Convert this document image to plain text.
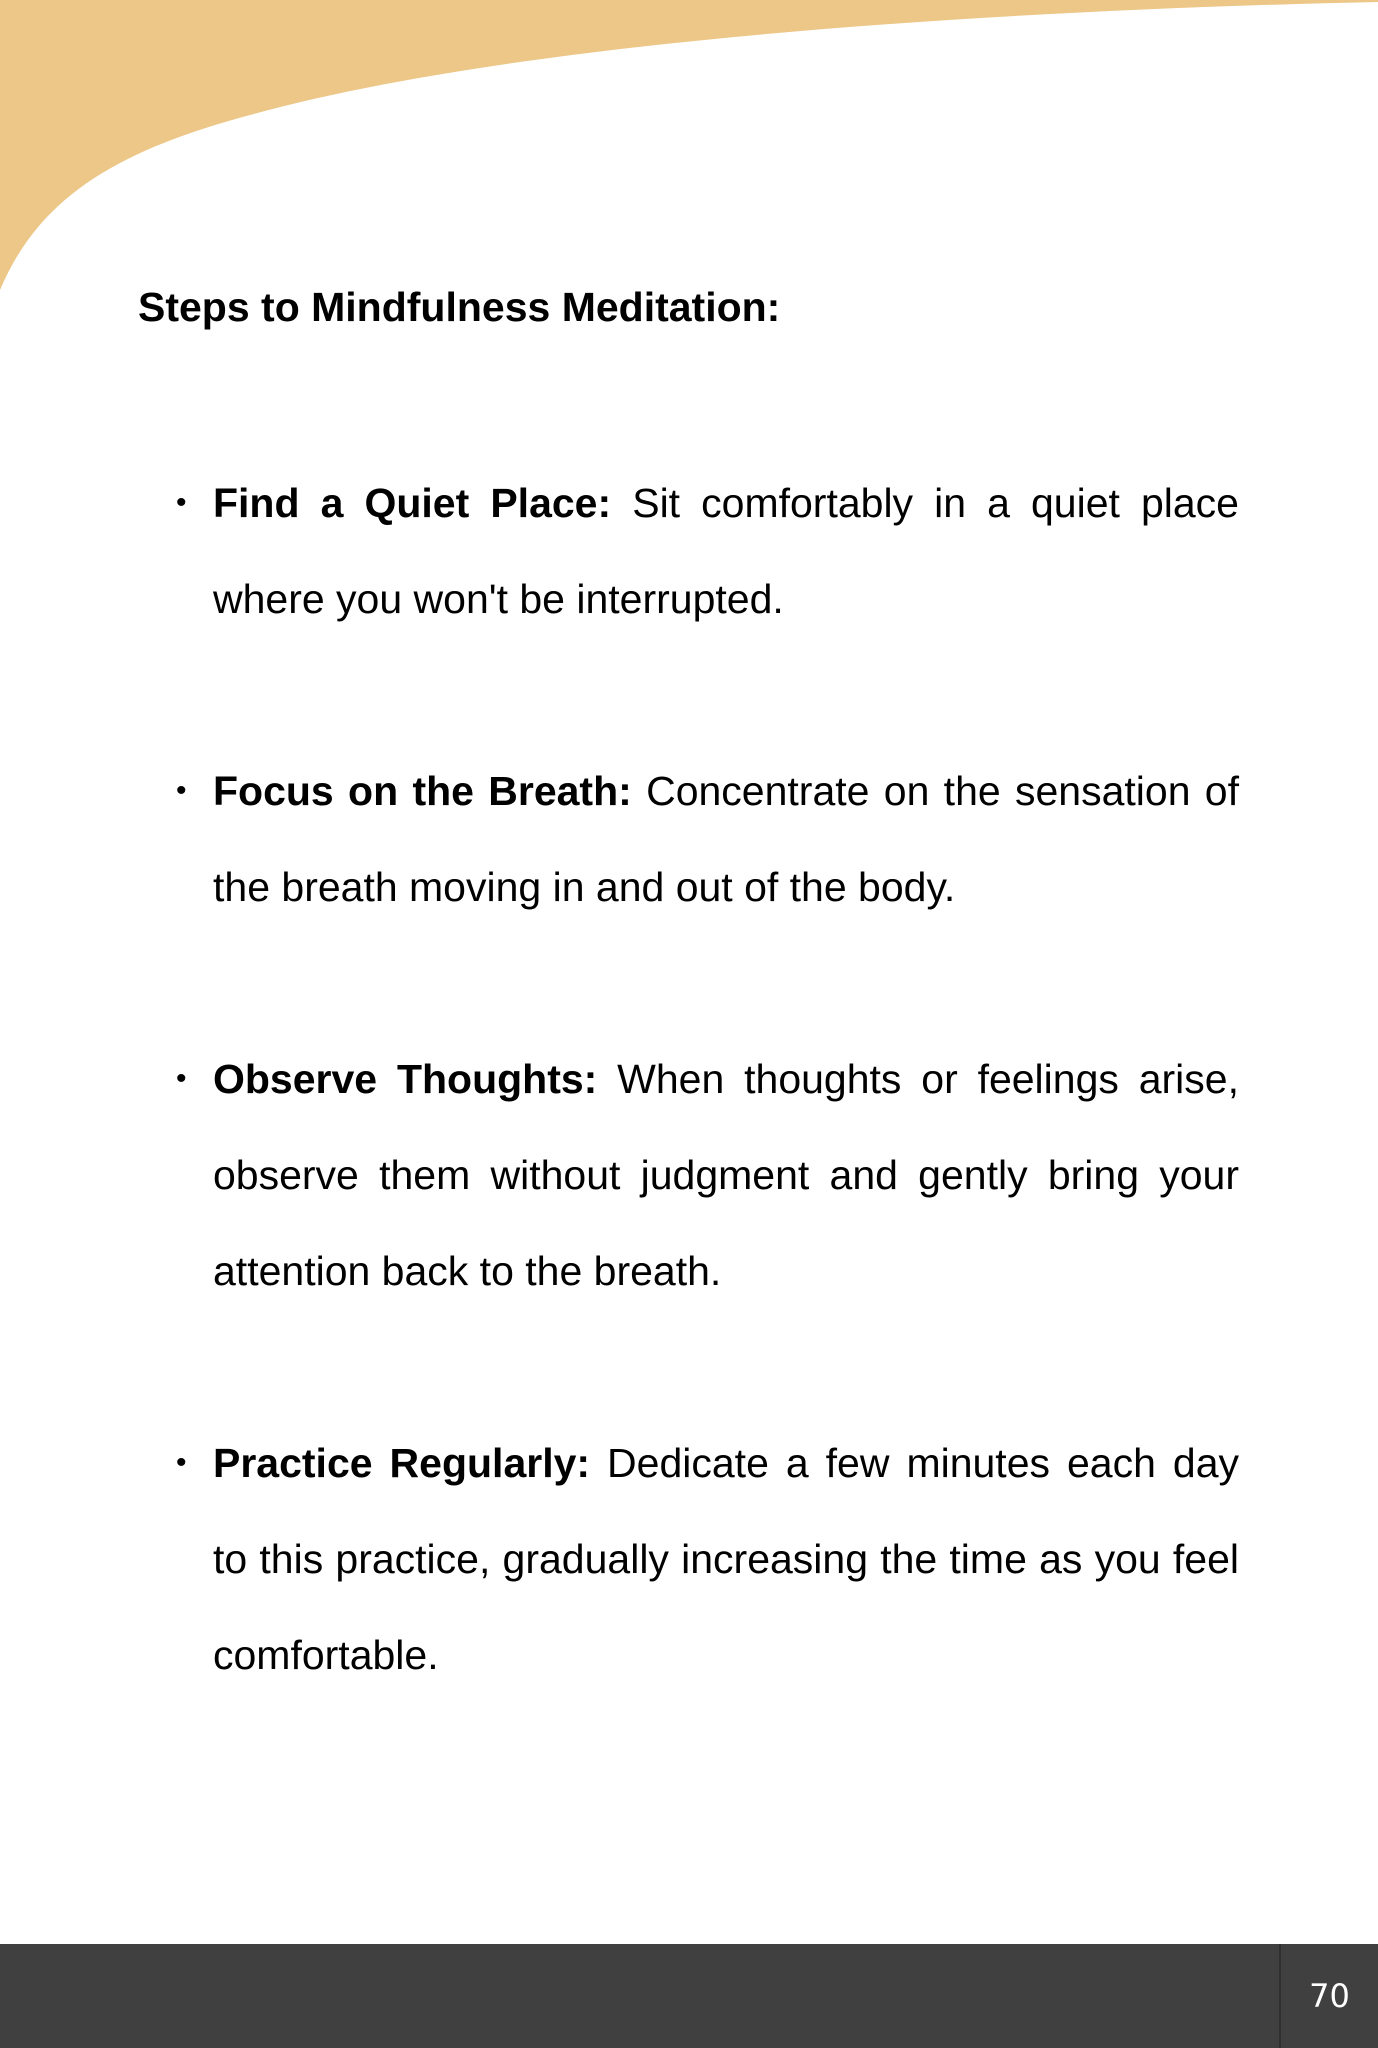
Steps to Mindfulness Meditation:
• Find a Quiet Place: Sit comfortably in a quiet place where you won't be interrupted.
• Focus on the Breath: Concentrate on the sensation of the breath moving in and out of the body.
• Observe Thoughts: When thoughts or feelings arise, observe them without judgment and gently bring your attention back to the breath.
• Practice Regularly: Dedicate a few minutes each day to this practice, gradually increasing the time as you feel comfortable.
70
